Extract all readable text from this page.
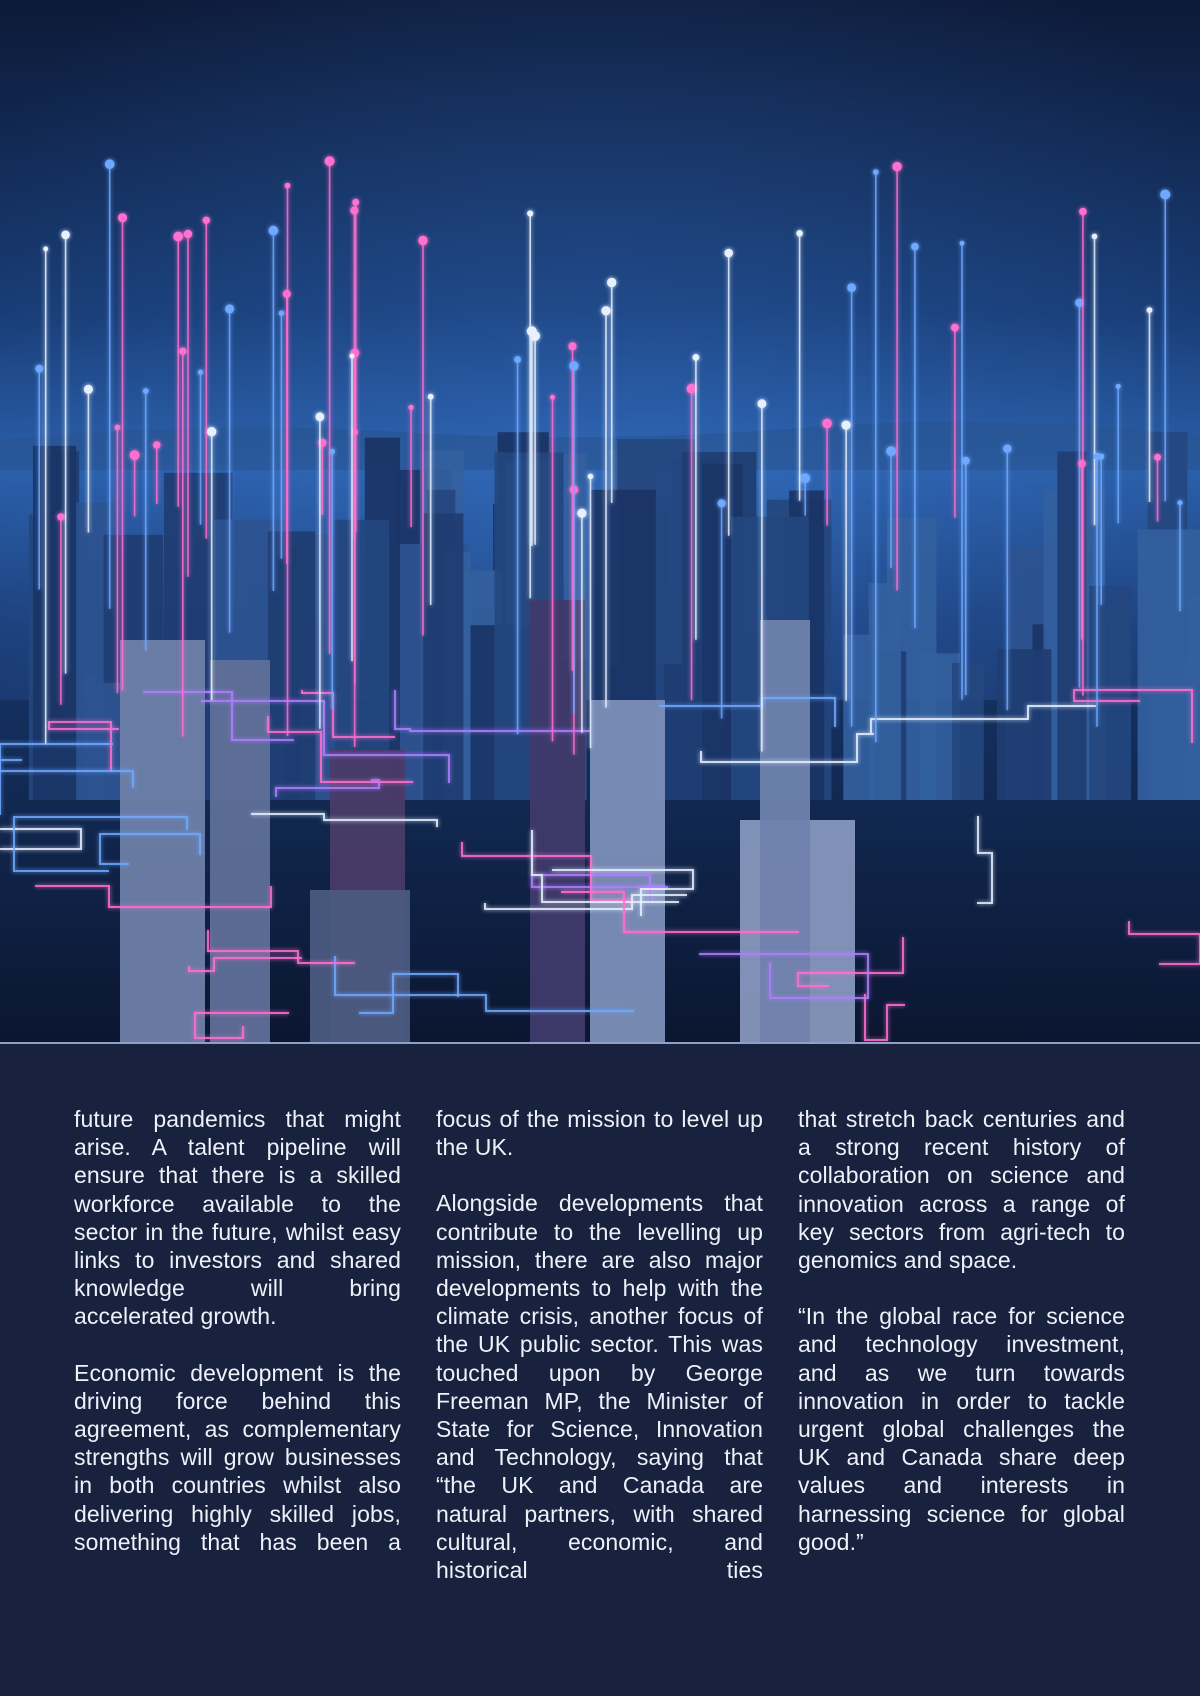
future pandemics that might arise. A talent pipeline will ensure that there is a skilled workforce available to the sector in the future, whilst easy links to investors and shared knowledge will bring accelerated growth.

Economic development is the driving force behind this agreement, as complementary strengths will grow businesses in both countries whilst also delivering highly skilled jobs, something that has been a

focus of the mission to level up the UK.

Alongside developments that contribute to the levelling up mission, there are also major developments to help with the climate crisis, another focus of the UK public sector. This was touched upon by George Freeman MP, the Minister of State for Science, Innovation and Technology, saying that “the UK and Canada are natural partners, with shared cultural, economic, and historical ties

that stretch back centuries and a strong recent history of collaboration on science and innovation across a range of key sectors from agri-tech to genomics and space.

“In the global race for science and technology investment, and as we turn towards innovation in order to tackle urgent global challenges the UK and Canada share deep values and interests in harnessing science for global good.”
